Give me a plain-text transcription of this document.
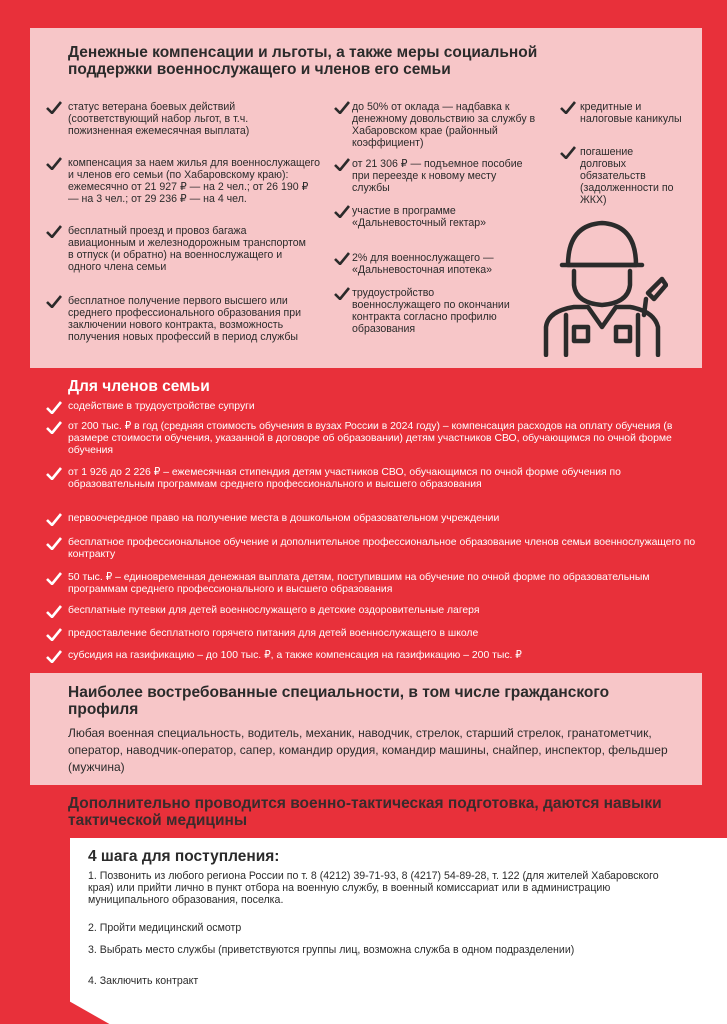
Денежные компенсации и льготы, а также меры социальной поддержки военнослужащего и членов его семьи
статус ветерана боевых действий (соответствующий набор льгот, в т.ч. пожизненная ежемесячная выплата)
компенсация за наем жилья для военнослужащего и членов его семьи (по Хабаровскому краю): ежемесячно от 21 927 ₽ — на 2 чел.; от 26 190 ₽ — на 3 чел.; от 29 236 ₽ — на 4 чел.
бесплатный проезд и провоз багажа авиационным и железнодорожным транспортом в отпуск (и обратно) на военнослужащего и одного члена семьи
бесплатное получение первого высшего или среднего профессионального образования при заключении нового контракта, возможность получения новых профессий в период службы
до 50% от оклада — надбавка к денежному довольствию за службу в Хабаровском крае (районный коэффициент)
от 21 306 ₽ — подъемное пособие при переезде к новому месту службы
участие в программе «Дальневосточный гектар»
2% для военнослужащего — «Дальневосточная ипотека»
трудоустройство военнослужащего по окончании контракта согласно профилю образования
кредитные и налоговые каникулы
погашение долговых обязательств (задолженности по ЖКХ)
Для членов семьи
содействие в трудоустройстве супруги
от 200 тыс. ₽ в год (средняя стоимость обучения в вузах России в 2024 году) – компенсация расходов на оплату обучения (в размере стоимости обучения, указанной в договоре об образовании) детям участников СВО, обучающимся по очной форме обучения
от 1 926 до 2 226 ₽ – ежемесячная стипендия детям участников СВО, обучающимся по очной форме обучения по образовательным программам среднего профессионального и высшего образования
первоочередное право на получение места в дошкольном образовательном учреждении
бесплатное профессиональное обучение и дополнительное профессиональное образование членов семьи военнослужащего по контракту
50 тыс. ₽ – единовременная денежная выплата детям, поступившим на обучение по очной форме по образовательным программам среднего профессионального и высшего образования
бесплатные путевки для детей военнослужащего в детские оздоровительные лагеря
предоставление бесплатного горячего питания для детей военнослужащего в школе
субсидия на газификацию – до 100 тыс. ₽, а также компенсация на газификацию – 200 тыс. ₽
Наиболее востребованные специальности, в том числе гражданского профиля
Любая военная специальность, водитель, механик, наводчик, стрелок, старший стрелок, гранатометчик, оператор, наводчик-оператор, сапер, командир орудия, командир машины, снайпер, инспектор, фельдшер (мужчина)
Дополнительно проводится военно-тактическая подготовка, даются навыки тактической медицины
4 шага для поступления:
1. Позвонить из любого региона России по т. 8 (4212) 39-71-93, 8 (4217) 54-89-28, т. 122 (для жителей Хабаровского края) или прийти лично в пункт отбора на военную службу, в военный комиссариат или в администрацию муниципального образования, поселка.
2. Пройти медицинский осмотр
3. Выбрать место службы (приветствуются группы лиц, возможна служба в одном подразделении)
4. Заключить контракт
